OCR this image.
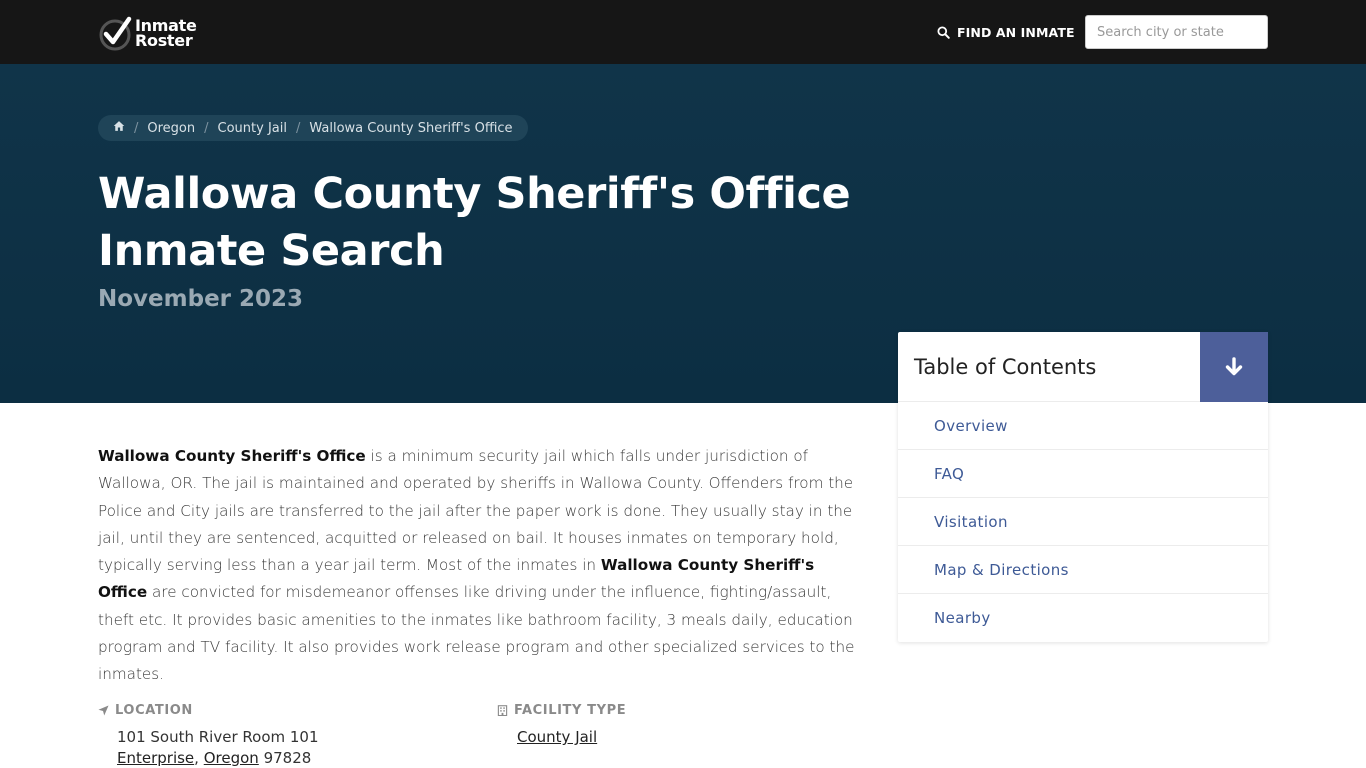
Inmate
Roster	FIND AN INMATE
Search city or state
/ Oregon / County Jail / Wallowa County Sheriff's Office
Wallowa County Sheriff's Office
Inmate Search
November 2023
Table of Contents
Overview
FAQ
Visitation
Map & Directions
Nearby

Wallowa County Sheriff's Office is a minimum security jail which falls under jurisdiction of Wallowa, OR. The jail is maintained and operated by sheriffs in Wallowa County. Offenders from the Police and City jails are transferred to the jail after the paper work is done. They usually stay in the jail, until they are sentenced, acquitted or released on bail. It houses inmates on temporary hold, typically serving less than a year jail term. Most of the inmates in Wallowa County Sheriff's Office are convicted for misdemeanor offenses like driving under the influence, fighting/assault, theft etc. It provides basic amenities to the inmates like bathroom facility, 3 meals daily, education program and TV facility. It also provides work release program and other specialized services to the inmates.

LOCATION
101 South River Room 101
Enterprise, Oregon 97828
FACILITY TYPE
County Jail
